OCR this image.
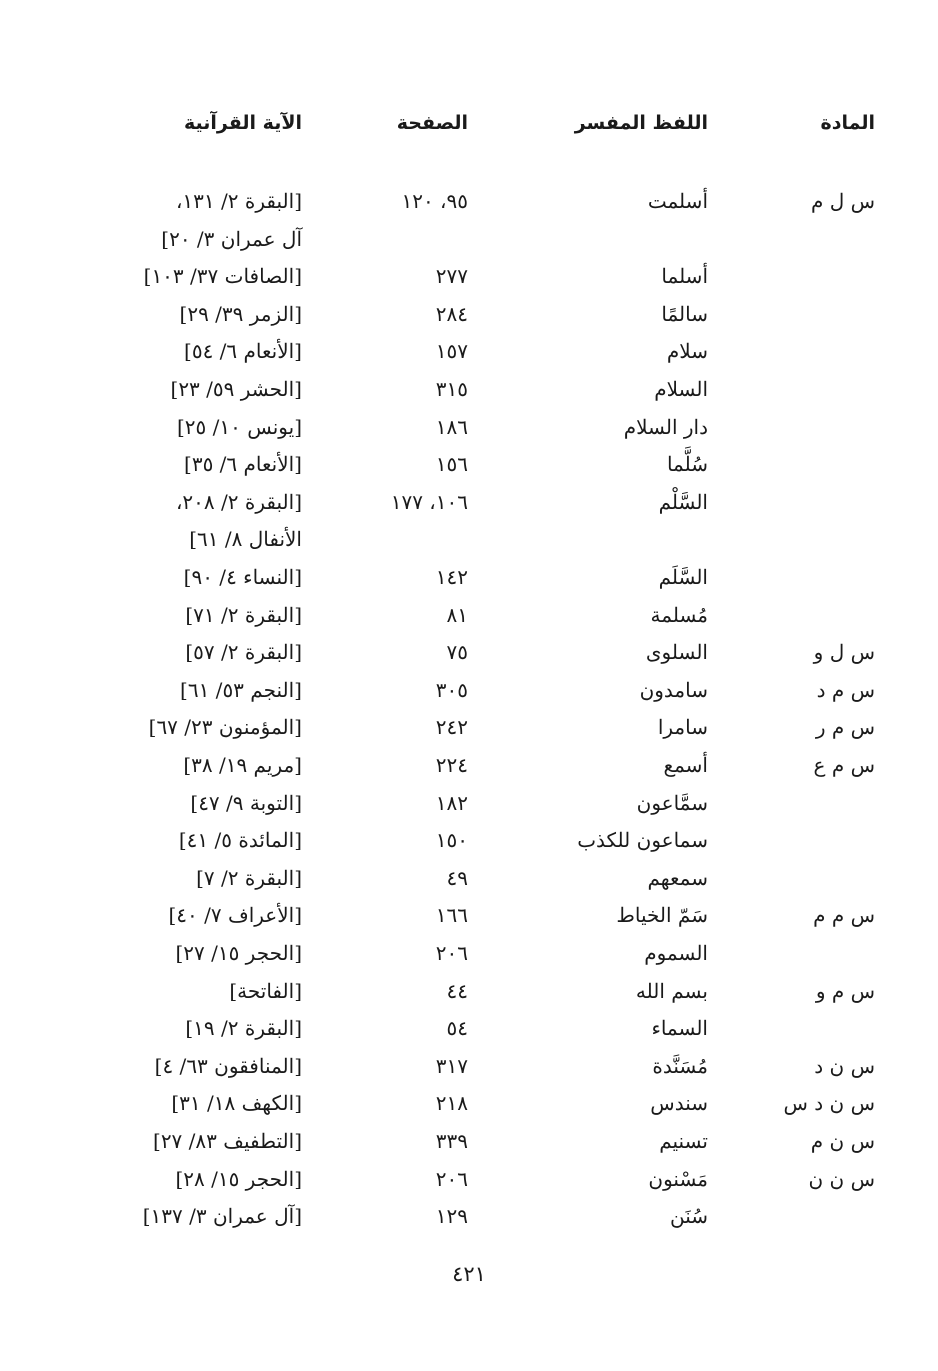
المادة
اللفظ المفسر
الصفحة
الآية القرآنية
س ل م
أسلمت
٩٥، ١٢٠
[البقرة ٢/ ١٣١،
آل عمران ٣/ ٢٠]
أسلما
٢٧٧
[الصافات ٣٧/ ١٠٣]
سالمًا
٢٨٤
[الزمر ٣٩/ ٢٩]
سلام
١٥٧
[الأنعام ٦/ ٥٤]
السلام
٣١٥
[الحشر ٥٩/ ٢٣]
دار السلام
١٨٦
[يونس ١٠/ ٢٥]
سُلَّما
١٥٦
[الأنعام ٦/ ٣٥]
السَّلْم
١٠٦، ١٧٧
[البقرة ٢/ ٢٠٨،
الأنفال ٨/ ٦١]
السَّلَم
١٤٢
[النساء ٤/ ٩٠]
مُسلمة
٨١
[البقرة ٢/ ٧١]
س ل و
السلوى
٧٥
[البقرة ٢/ ٥٧]
س م د
سامدون
٣٠٥
[النجم ٥٣/ ٦١]
س م ر
سامرا
٢٤٢
[المؤمنون ٢٣/ ٦٧]
س م ع
أسمع
٢٢٤
[مريم ١٩/ ٣٨]
سمَّاعون
١٨٢
[التوبة ٩/ ٤٧]
سماعون للكذب
١٥٠
[المائدة ٥/ ٤١]
سمعهم
٤٩
[البقرة ٢/ ٧]
س م م
سَمّ الخياط
١٦٦
[الأعراف ٧/ ٤٠]
السموم
٢٠٦
[الحجر ١٥/ ٢٧]
س م و
بسم الله
٤٤
[الفاتحة]
السماء
٥٤
[البقرة ٢/ ١٩]
س ن د
مُسَنَّدة
٣١٧
[المنافقون ٦٣/ ٤]
س ن د س
سندس
٢١٨
[الكهف ١٨/ ٣١]
س ن م
تسنيم
٣٣٩
[التطفيف ٨٣/ ٢٧]
س ن ن
مَسْنون
٢٠٦
[الحجر ١٥/ ٢٨]
سُنَن
١٢٩
[آل عمران ٣/ ١٣٧]
٤٢١
